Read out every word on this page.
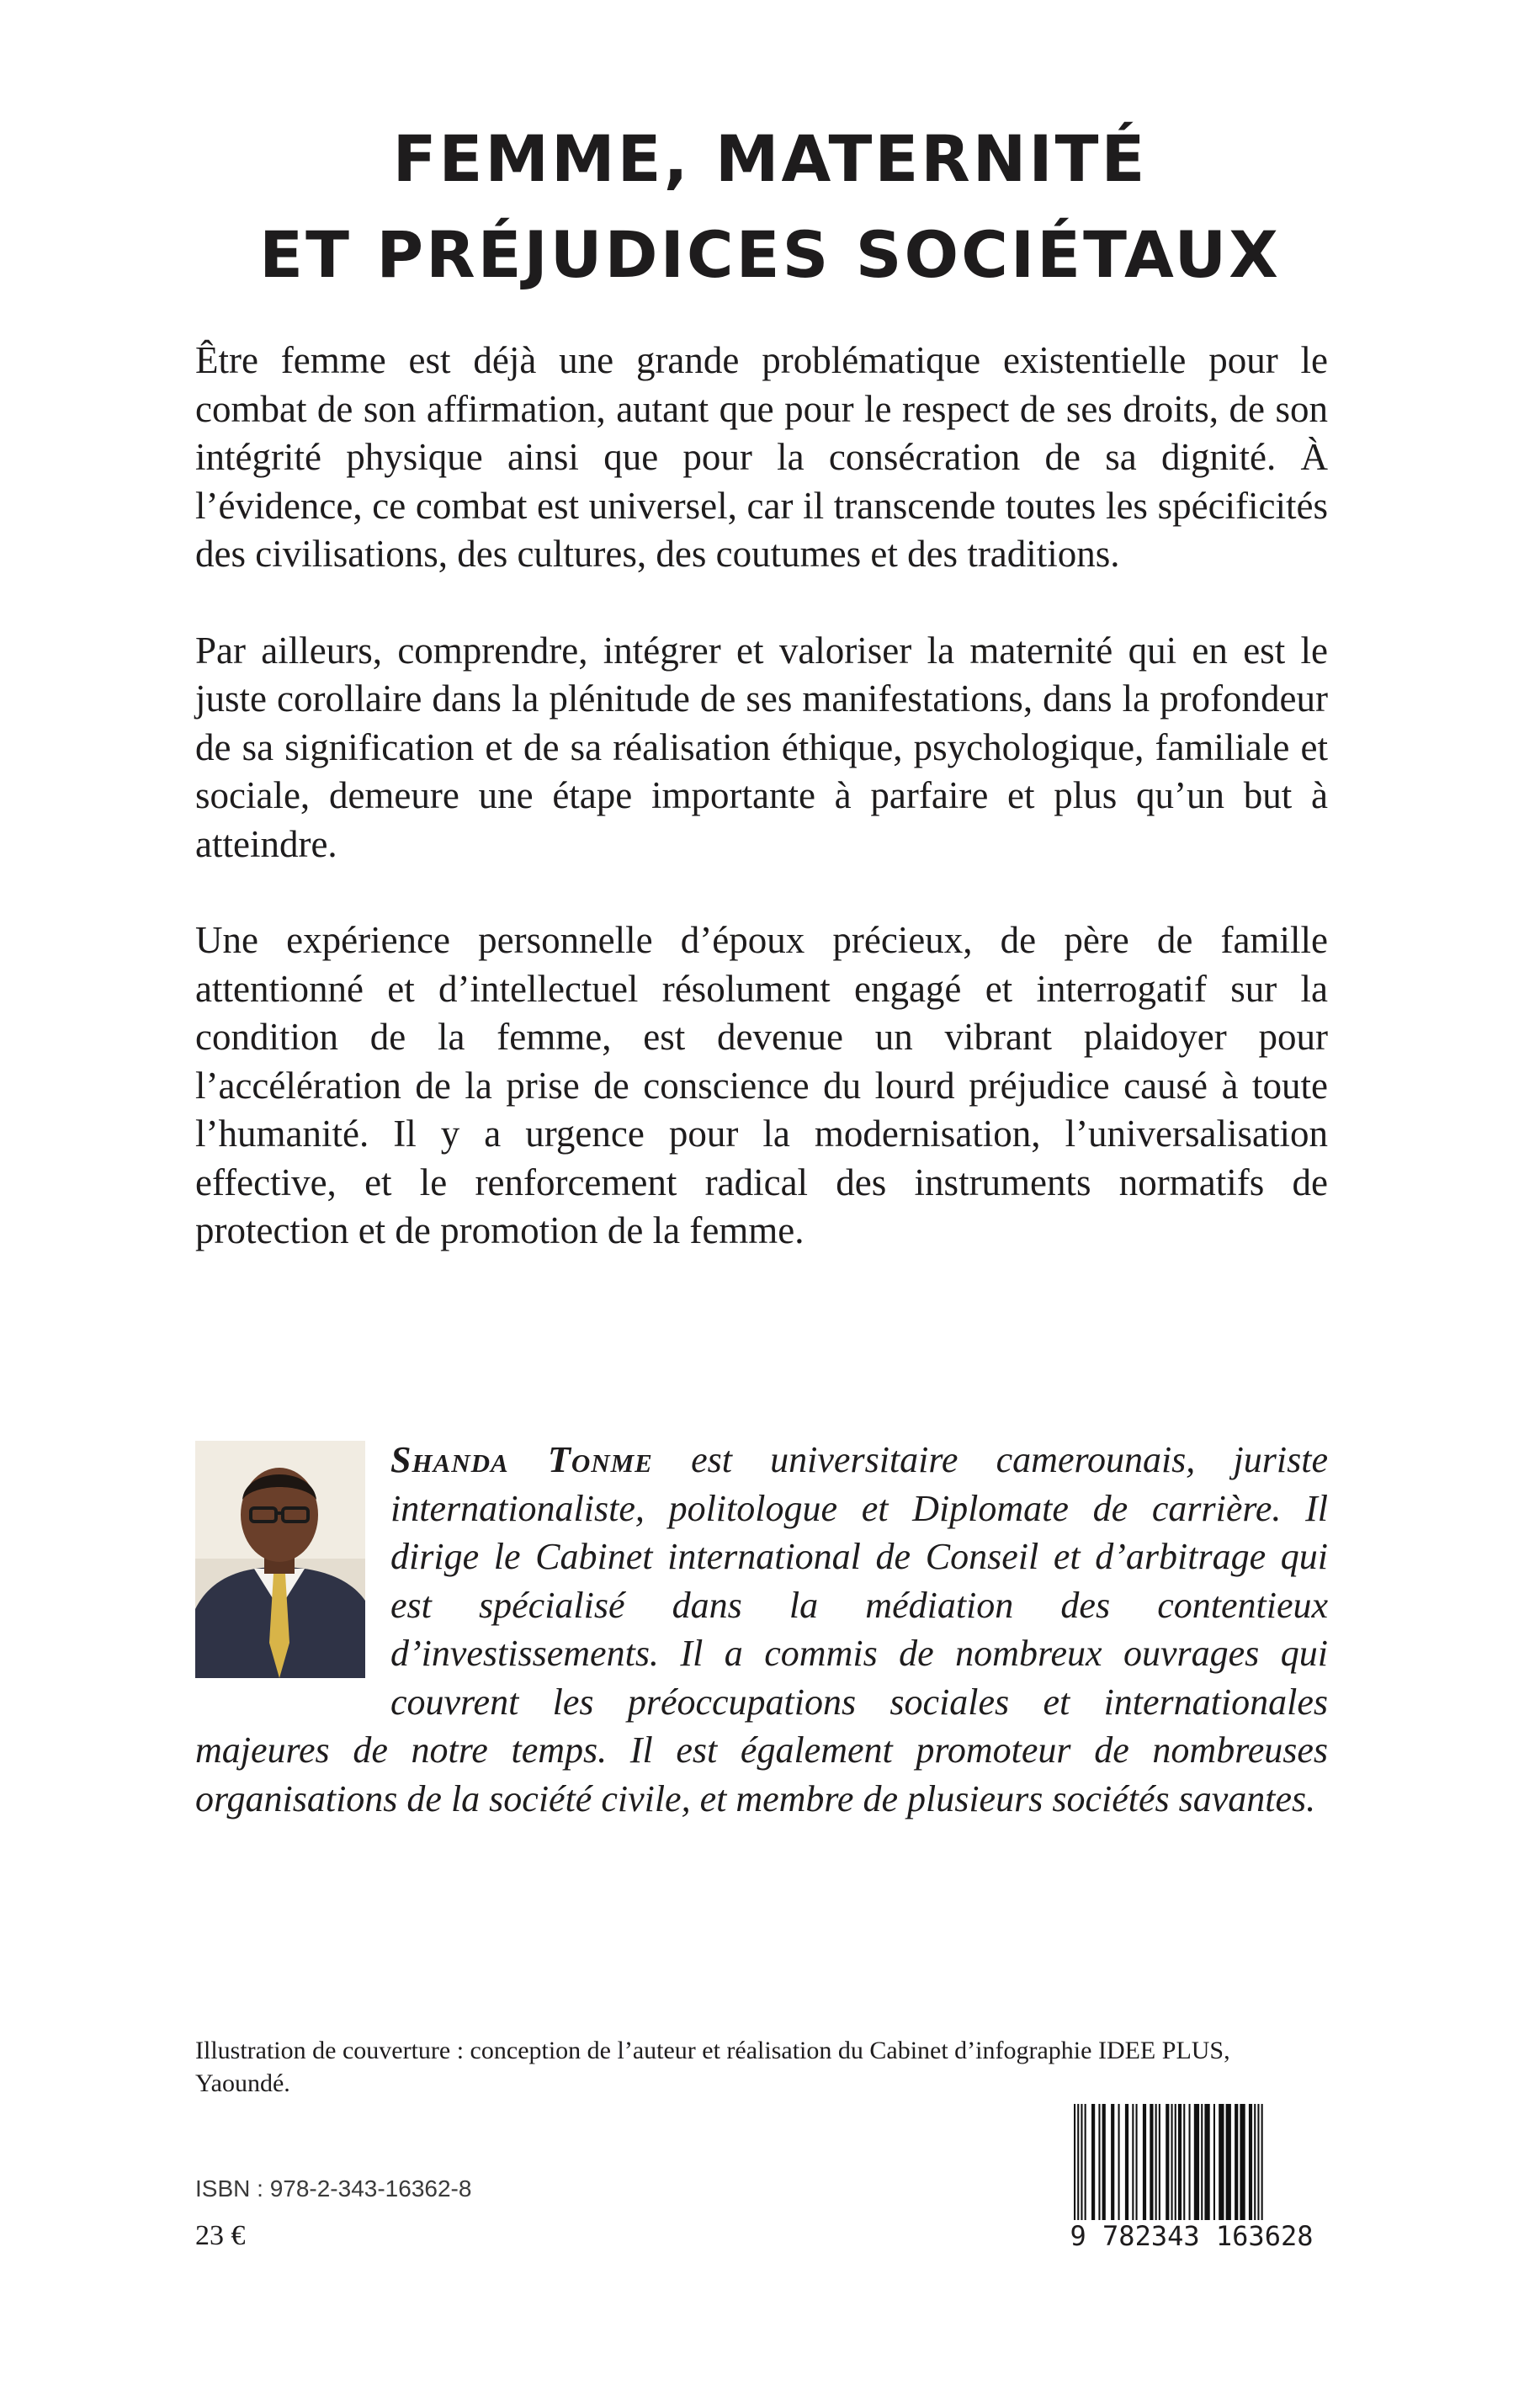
FEMME, MATERNITÉ
ET PRÉJUDICES SOCIÉTAUX

Être femme est déjà une grande problématique existentielle pour le combat de son affirmation, autant que pour le respect de ses droits, de son intégrité physique ainsi que pour la consécration de sa dignité. À l’évidence, ce combat est universel, car il transcende toutes les spécificités des civilisations, des cultures, des coutumes et des traditions.

Par ailleurs, comprendre, intégrer et valoriser la maternité qui en est le juste corollaire dans la plénitude de ses manifestations, dans la profondeur de sa signification et de sa réalisation éthique, psychologique, familiale et sociale, demeure une étape importante à parfaire et plus qu’un but à atteindre.

Une expérience personnelle d’époux précieux, de père de famille attentionné et d’intellectuel résolument engagé et interrogatif sur la condition de la femme, est devenue un vibrant plaidoyer pour l’accélération de la prise de conscience du lourd préjudice causé à toute l’humanité. Il y a urgence pour la modernisation, l’universalisation effective, et le renforcement radical des instruments normatifs de protection et de promotion de la femme.

Shanda Tonme est universitaire camerounais, juriste internationaliste, politologue et Diplomate de carrière. Il dirige le Cabinet international de Conseil et d’arbitrage qui est spécialisé dans la médiation des contentieux d’investissements. Il a commis de nombreux ouvrages qui couvrent les préoccupations sociales et internationales majeures de notre temps. Il est également promoteur de nombreuses organisations de la société civile, et membre de plusieurs sociétés savantes.
Illustration de couverture : conception de l’auteur et réalisation du Cabinet d’infographie IDEE PLUS, Yaoundé.
ISBN : 978-2-343-16362-8
23 €	9 782343 163628
